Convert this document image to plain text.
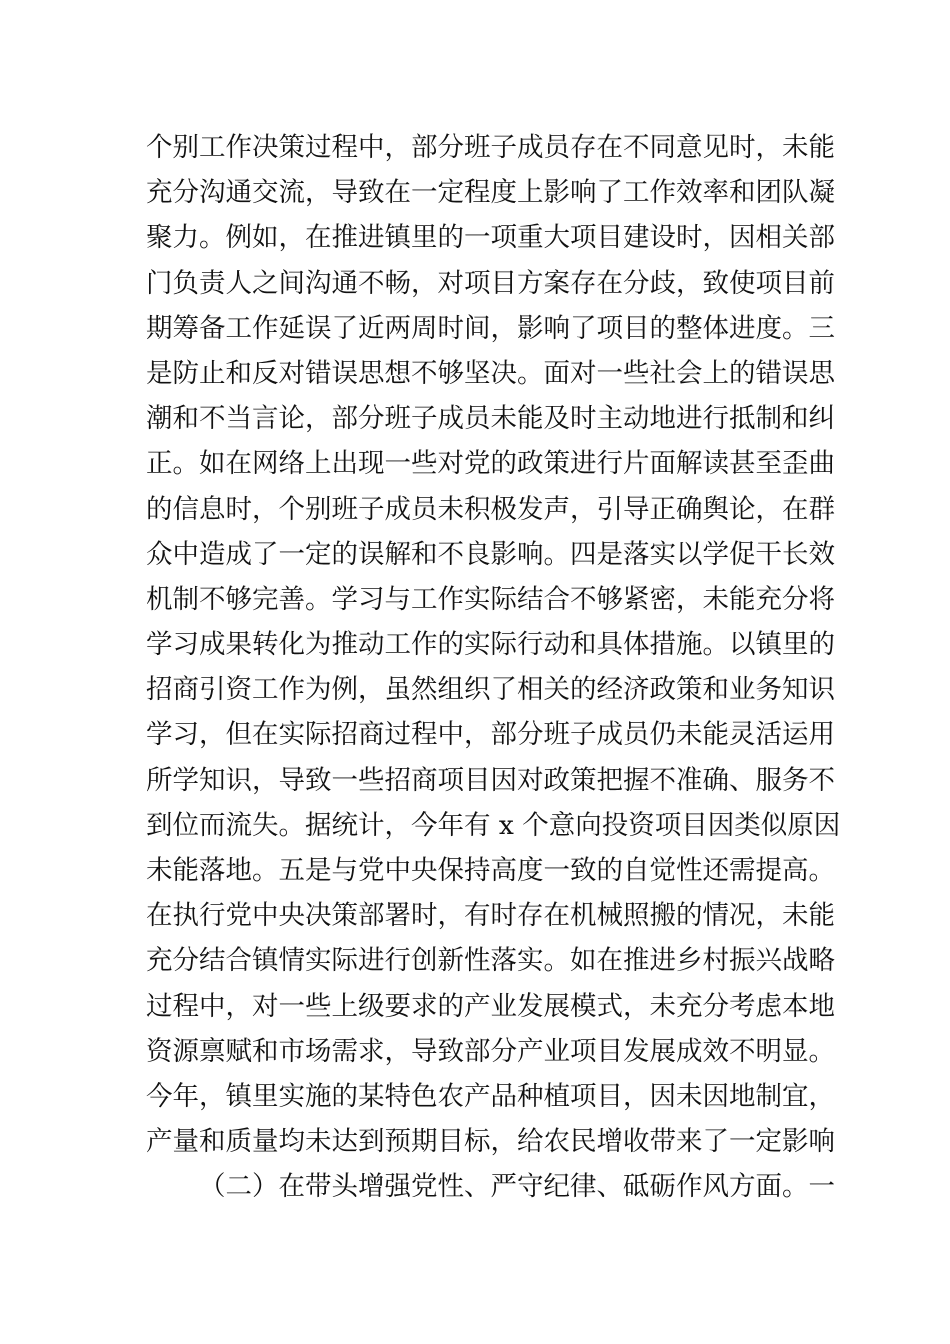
个别工作决策过程中，部分班子成员存在不同意见时，未能
充分沟通交流，导致在一定程度上影响了工作效率和团队凝
聚力。例如，在推进镇里的一项重大项目建设时，因相关部
门负责人之间沟通不畅，对项目方案存在分歧，致使项目前
期筹备工作延误了近两周时间，影响了项目的整体进度。三
是防止和反对错误思想不够坚决。面对一些社会上的错误思
潮和不当言论，部分班子成员未能及时主动地进行抵制和纠
正。如在网络上出现一些对党的政策进行片面解读甚至歪曲
的信息时，个别班子成员未积极发声，引导正确舆论，在群
众中造成了一定的误解和不良影响。四是落实以学促干长效
机制不够完善。学习与工作实际结合不够紧密，未能充分将
学习成果转化为推动工作的实际行动和具体措施。以镇里的
招商引资工作为例，虽然组织了相关的经济政策和业务知识
学习，但在实际招商过程中，部分班子成员仍未能灵活运用
所学知识，导致一些招商项目因对政策把握不准确、服务不
到位而流失。据统计，今年有 x 个意向投资项目因类似原因
未能落地。五是与党中央保持高度一致的自觉性还需提高。
在执行党中央决策部署时，有时存在机械照搬的情况，未能
充分结合镇情实际进行创新性落实。如在推进乡村振兴战略
过程中，对一些上级要求的产业发展模式，未充分考虑本地
资源禀赋和市场需求，导致部分产业项目发展成效不明显。
今年，镇里实施的某特色农产品种植项目，因未因地制宜，
产量和质量均未达到预期目标，给农民增收带来了一定影响
（二）在带头增强党性、严守纪律、砥砺作风方面。一
